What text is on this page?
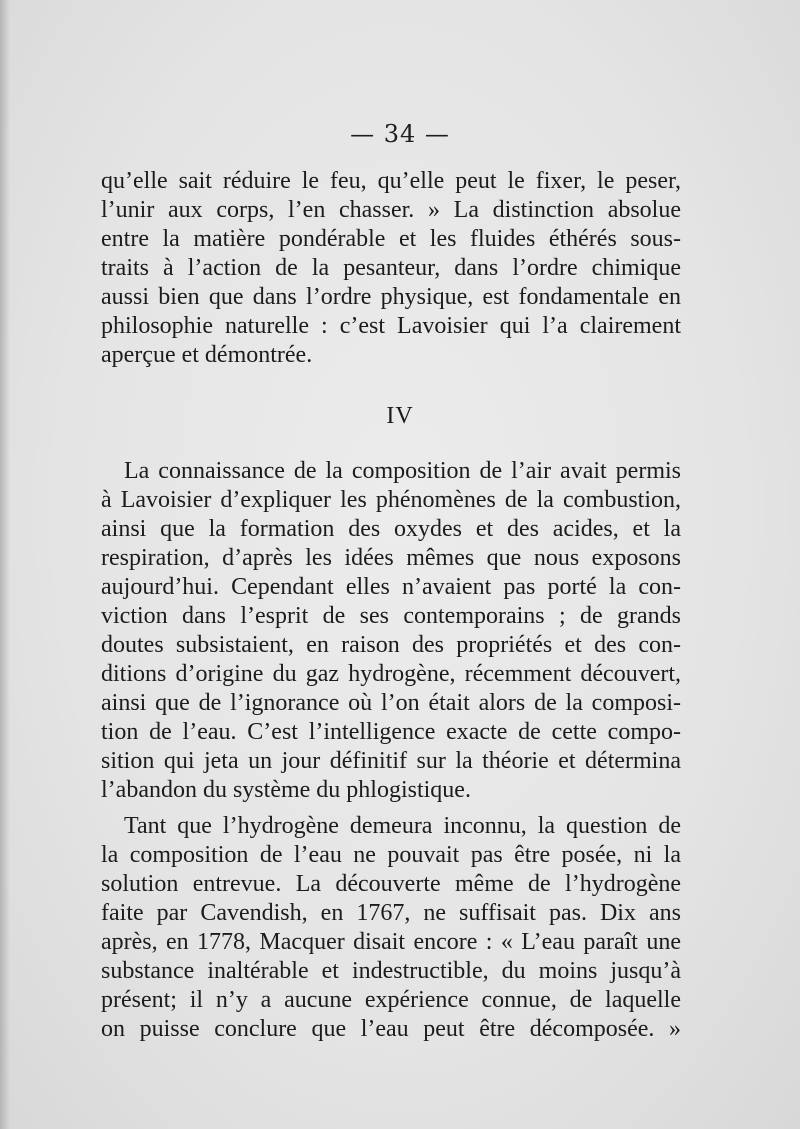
— 34 —
qu’elle sait réduire le feu, qu’elle peut le fixer, le peser,
l’unir aux corps, l’en chasser. » La distinction absolue
entre la matière pondérable et les fluides éthérés sous-
traits à l’action de la pesanteur, dans l’ordre chimique
aussi bien que dans l’ordre physique, est fondamentale en
philosophie naturelle : c’est Lavoisier qui l’a clairement
aperçue et démontrée.
IV
La connaissance de la composition de l’air avait permis
à Lavoisier d’expliquer les phénomènes de la combustion,
ainsi que la formation des oxydes et des acides, et la
respiration, d’après les idées mêmes que nous exposons
aujourd’hui. Cependant elles n’avaient pas porté la con-
viction dans l’esprit de ses contemporains ; de grands
doutes subsistaient, en raison des propriétés et des con-
ditions d’origine du gaz hydrogène, récemment découvert,
ainsi que de l’ignorance où l’on était alors de la composi-
tion de l’eau. C’est l’intelligence exacte de cette compo-
sition qui jeta un jour définitif sur la théorie et détermina
l’abandon du système du phlogistique.
Tant que l’hydrogène demeura inconnu, la question de
la composition de l’eau ne pouvait pas être posée, ni la
solution entrevue. La découverte même de l’hydrogène
faite par Cavendish, en 1767, ne suffisait pas. Dix ans
après, en 1778, Macquer disait encore : « L’eau paraît une
substance inaltérable et indestructible, du moins jusqu’à
présent; il n’y a aucune expérience connue, de laquelle
on puisse conclure que l’eau peut être décomposée. »
